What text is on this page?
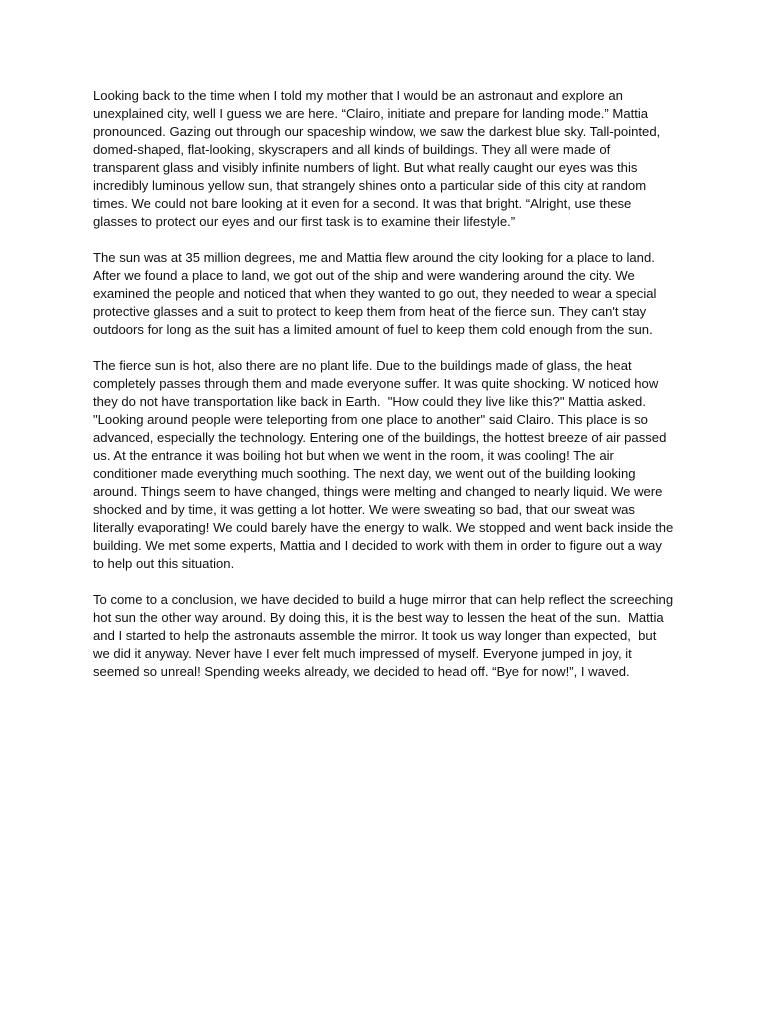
Looking back to the time when I told my mother that I would be an astronaut and explore an unexplained city, well I guess we are here. “Clairo, initiate and prepare for landing mode.” Mattia pronounced. Gazing out through our spaceship window, we saw the darkest blue sky. Tall-pointed, domed-shaped, flat-looking, skyscrapers and all kinds of buildings. They all were made of transparent glass and visibly infinite numbers of light. But what really caught our eyes was this incredibly luminous yellow sun, that strangely shines onto a particular side of this city at random times. We could not bare looking at it even for a second. It was that bright. “Alright, use these glasses to protect our eyes and our first task is to examine their lifestyle.”

The sun was at 35 million degrees, me and Mattia flew around the city looking for a place to land. After we found a place to land, we got out of the ship and were wandering around the city. We examined the people and noticed that when they wanted to go out, they needed to wear a special protective glasses and a suit to protect to keep them from heat of the fierce sun. They can't stay outdoors for long as the suit has a limited amount of fuel to keep them cold enough from the sun.

The fierce sun is hot, also there are no plant life. Due to the buildings made of glass, the heat completely passes through them and made everyone suffer. It was quite shocking. W noticed how they do not have transportation like back in Earth.  "How could they live like this?" Mattia asked.  "Looking around people were teleporting from one place to another" said Clairo. This place is so advanced, especially the technology. Entering one of the buildings, the hottest breeze of air passed us. At the entrance it was boiling hot but when we went in the room, it was cooling! The air conditioner made everything much soothing. The next day, we went out of the building looking around. Things seem to have changed, things were melting and changed to nearly liquid. We were shocked and by time, it was getting a lot hotter. We were sweating so bad, that our sweat was literally evaporating! We could barely have the energy to walk. We stopped and went back inside the building. We met some experts, Mattia and I decided to work with them in order to figure out a way to help out this situation.

To come to a conclusion, we have decided to build a huge mirror that can help reflect the screeching hot sun the other way around. By doing this, it is the best way to lessen the heat of the sun.  Mattia and I started to help the astronauts assemble the mirror. It took us way longer than expected,  but we did it anyway. Never have I ever felt much impressed of myself. Everyone jumped in joy, it seemed so unreal! Spending weeks already, we decided to head off. “Bye for now!”, I waved.
